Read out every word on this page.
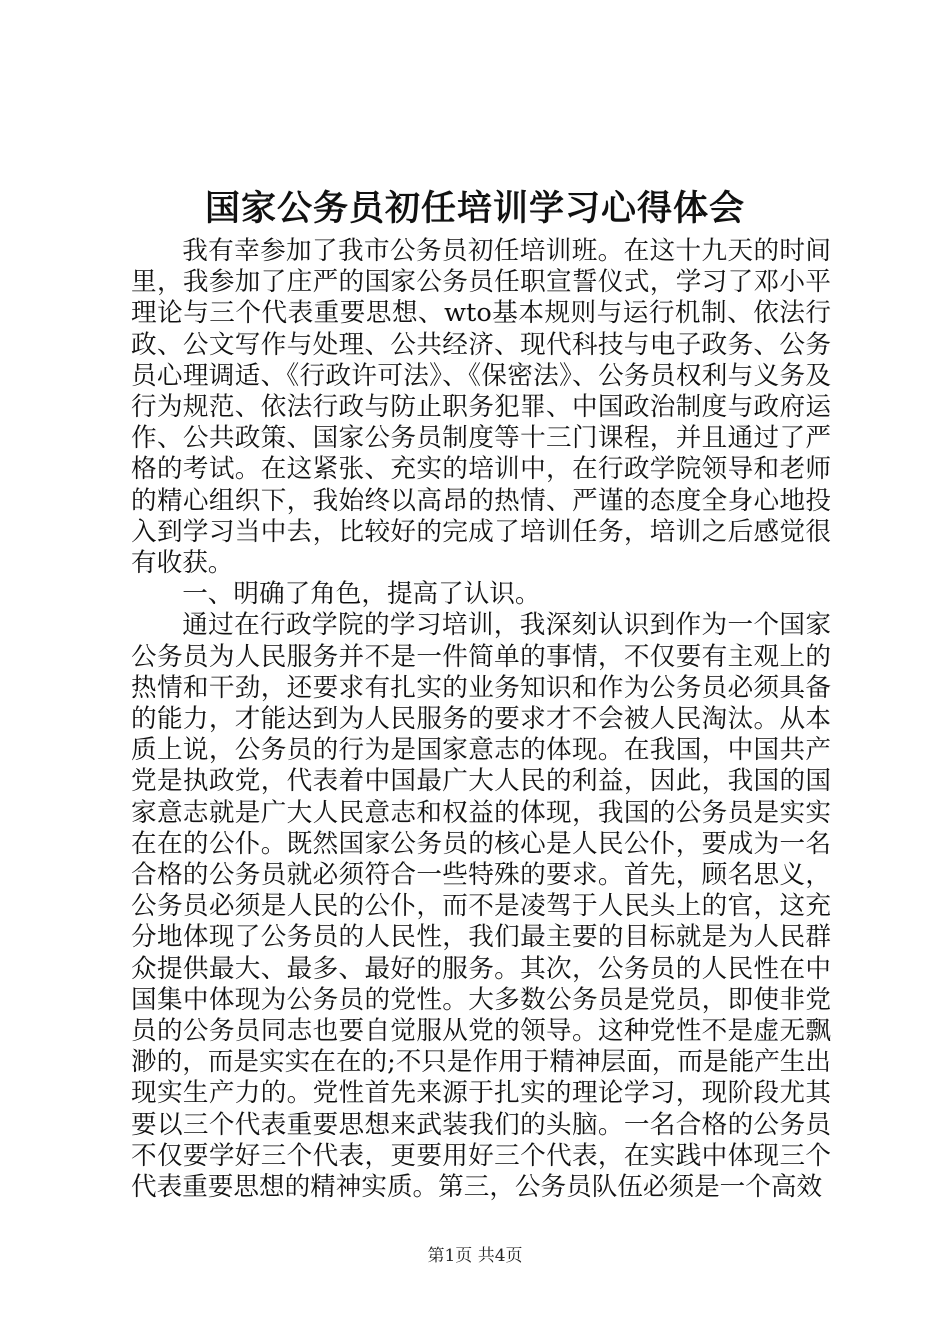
国家公务员初任培训学习心得体会

我有幸参加了我市公务员初任培训班。在这十九天的时间里，我参加了庄严的国家公务员任职宣誓仪式，学习了邓小平理论与三个代表重要思想、wto基本规则与运行机制、依法行政、公文写作与处理、公共经济、现代科技与电子政务、公务员心理调适、《行政许可法》、《保密法》、公务员权利与义务及行为规范、依法行政与防止职务犯罪、中国政治制度与政府运作、公共政策、国家公务员制度等十三门课程，并且通过了严格的考试。在这紧张、充实的培训中，在行政学院领导和老师的精心组织下，我始终以高昂的热情、严谨的态度全身心地投入到学习当中去，比较好的完成了培训任务，培训之后感觉很有收获。

一、明确了角色，提高了认识。

通过在行政学院的学习培训，我深刻认识到作为一个国家公务员为人民服务并不是一件简单的事情，不仅要有主观上的热情和干劲，还要求有扎实的业务知识和作为公务员必须具备的能力，才能达到为人民服务的要求才不会被人民淘汰。从本质上说，公务员的行为是国家意志的体现。在我国，中国共产党是执政党，代表着中国最广大人民的利益，因此，我国的国家意志就是广大人民意志和权益的体现，我国的公务员是实实在在的公仆。既然国家公务员的核心是人民公仆，要成为一名合格的公务员就必须符合一些特殊的要求。首先，顾名思义，公务员必须是人民的公仆，而不是凌驾于人民头上的官，这充分地体现了公务员的人民性，我们最主要的目标就是为人民群众提供最大、最多、最好的服务。其次，公务员的人民性在中国集中体现为公务员的党性。大多数公务员是党员，即使非党员的公务员同志也要自觉服从党的领导。这种党性不是虚无飘渺的，而是实实在在的;不只是作用于精神层面，而是能产生出现实生产力的。党性首先来源于扎实的理论学习，现阶段尤其要以三个代表重要思想来武装我们的头脑。一名合格的公务员不仅要学好三个代表，更要用好三个代表，在实践中体现三个代表重要思想的精神实质。第三，公务员队伍必须是一个高效

第1页 共4页
